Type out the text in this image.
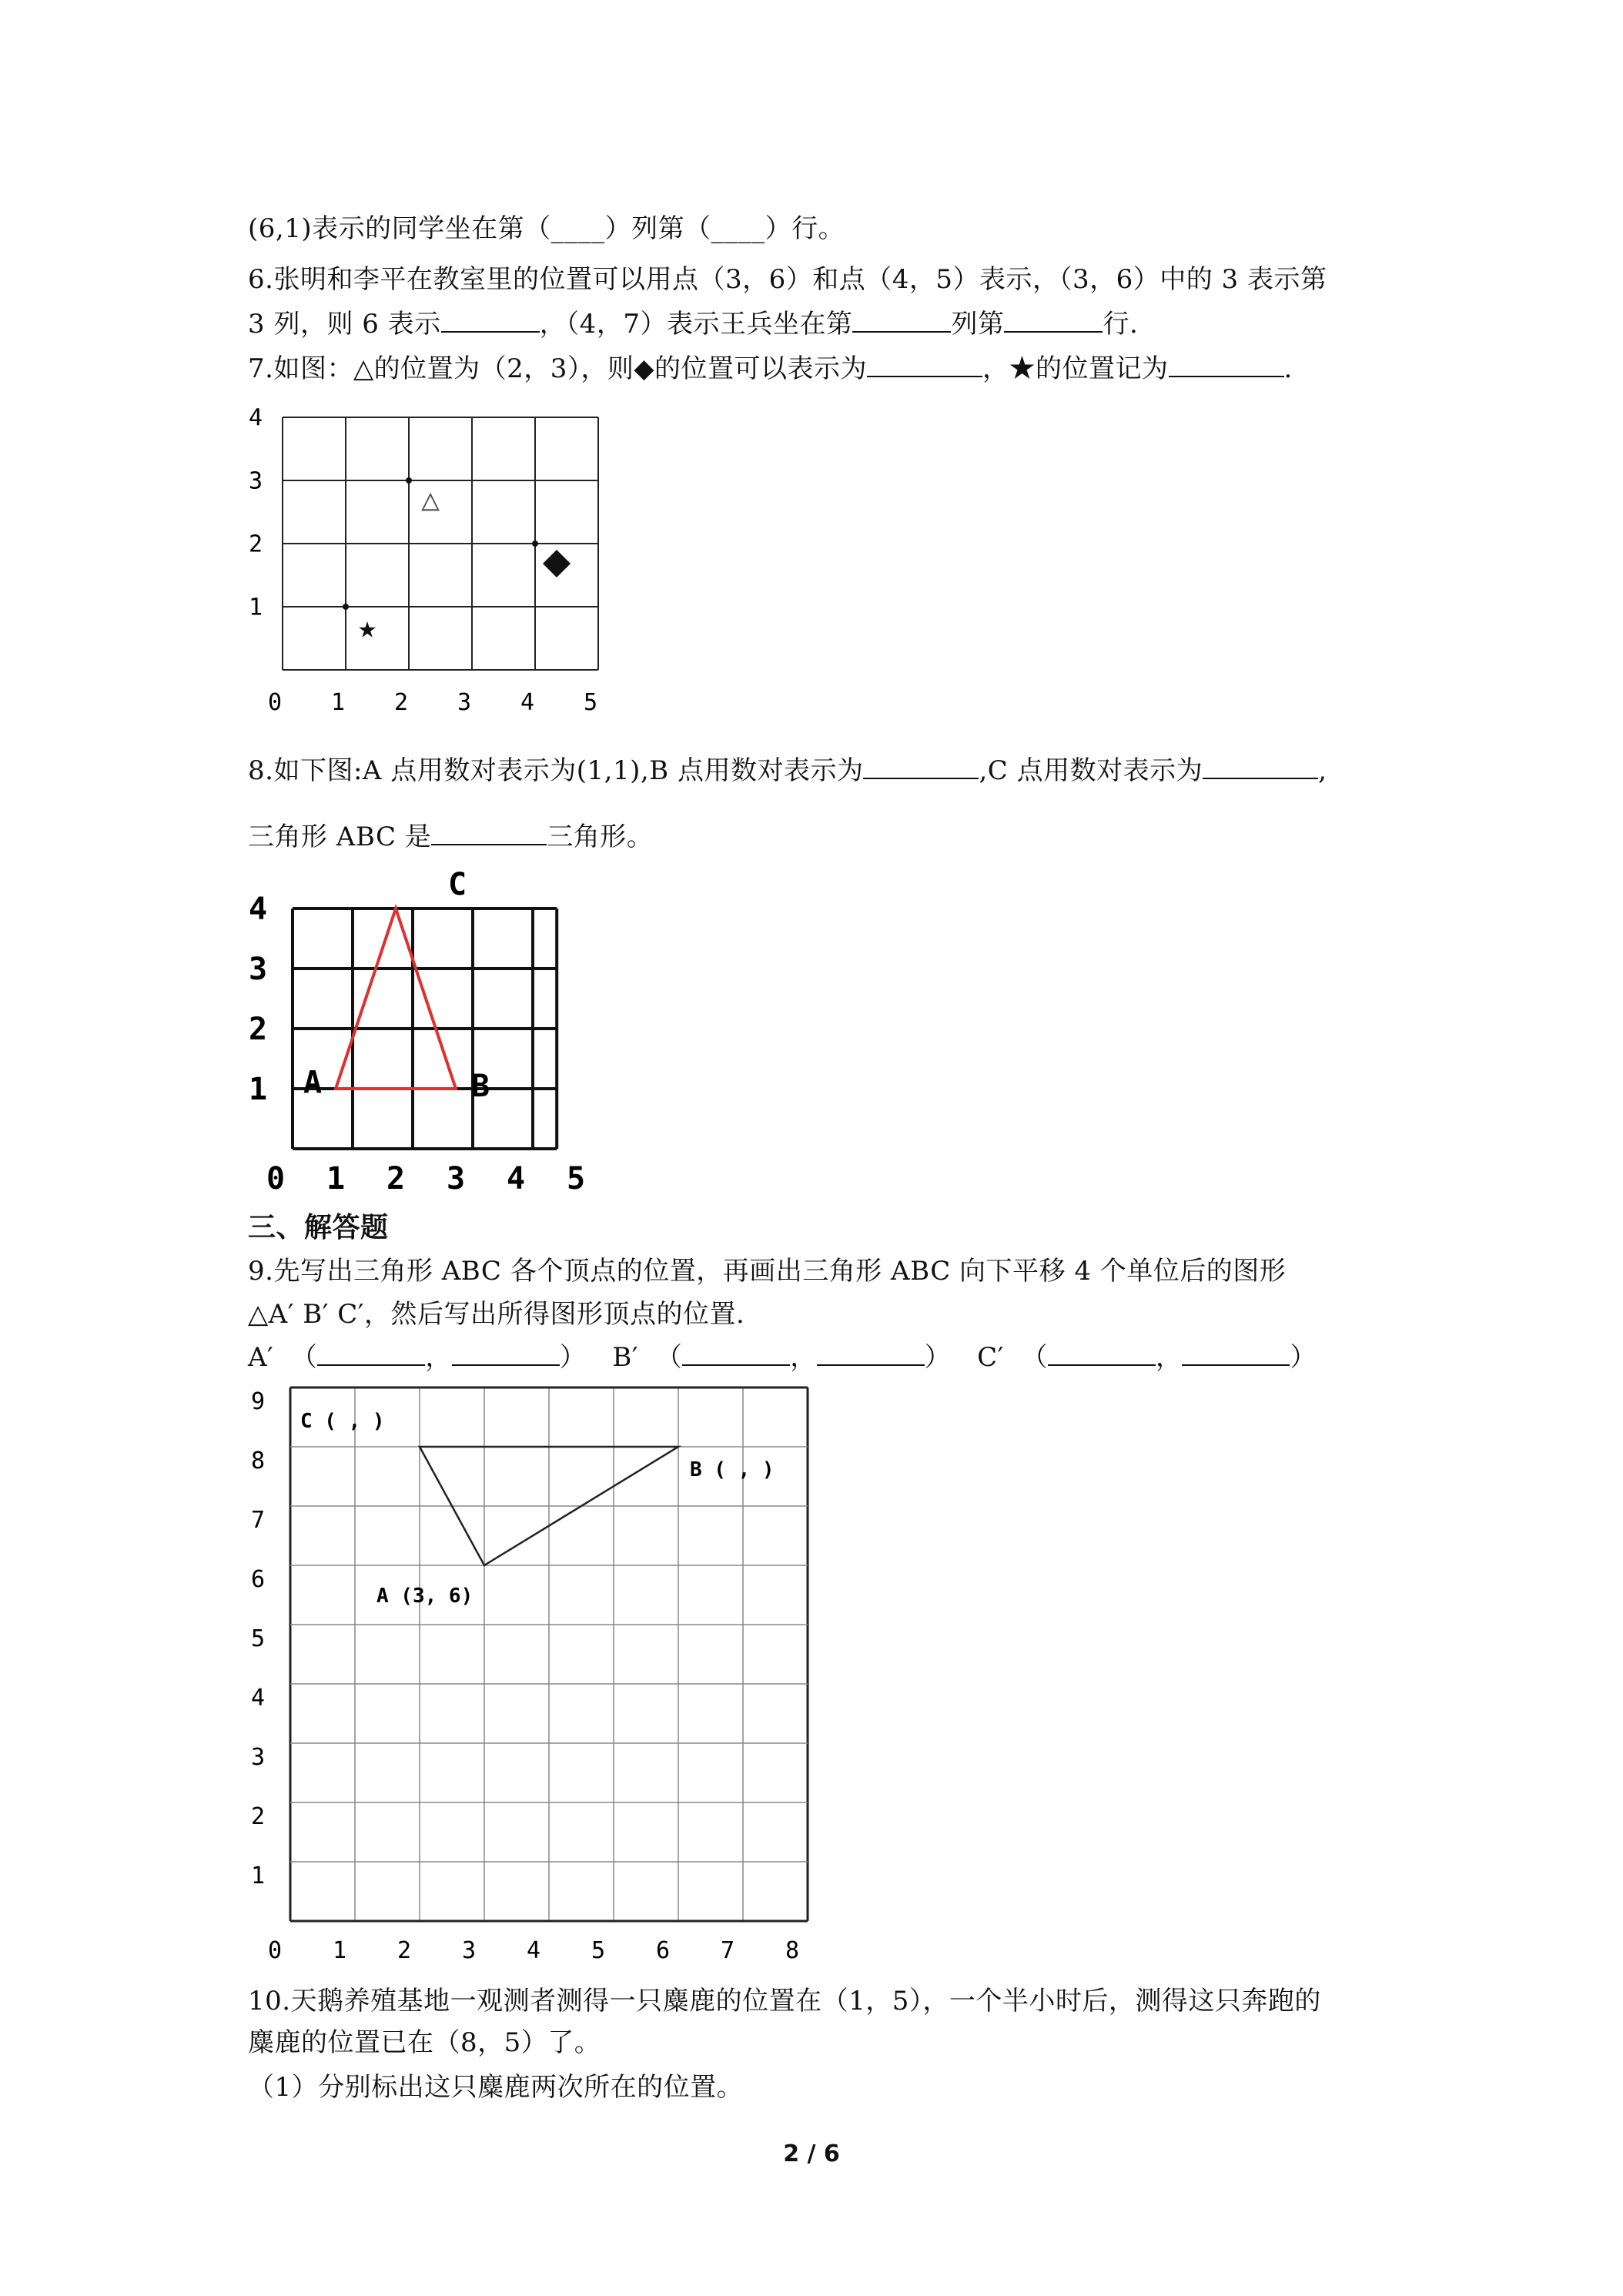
(6,1)表示的同学坐在第（____）列第（____）行。
6.张明和李平在教室里的位置可以用点（3，6）和点（4，5）表示，（3，6）中的 3 表示第
3 列，则 6 表示	，（4，7）表示王兵坐在第	列第	行.
7.如图：△的位置为（2，3），则◆的位置可以表示为	，★的位置记为	.
0 1 2 3 4 5
1
2
3
4
△
★
8.如下图:A 点用数对表示为(1,1),B 点用数对表示为	,C 点用数对表示为	,
三角形 ABC 是	三角形。
0 1 2 3 4 5
1
2
3
4
A	B
C
三、解答题
9.先写出三角形 ABC 各个顶点的位置，再画出三角形 ABC 向下平移 4 个单位后的图形
△A′ B′ C′，然后写出所得图形顶点的位置.
A′ （	，	） B′ （	，	） C′ （	，	）
0 1 2 3 4 5 6 7 8
1
2
3
4
5
6
7
8
9
C ( , )
B ( , )
A (3, 6)
10.天鹅养殖基地一观测者测得一只麋鹿的位置在（1，5），一个半小时后，测得这只奔跑的
麋鹿的位置已在（8，5）了。
（1）分别标出这只麋鹿两次所在的位置。
2 / 6
